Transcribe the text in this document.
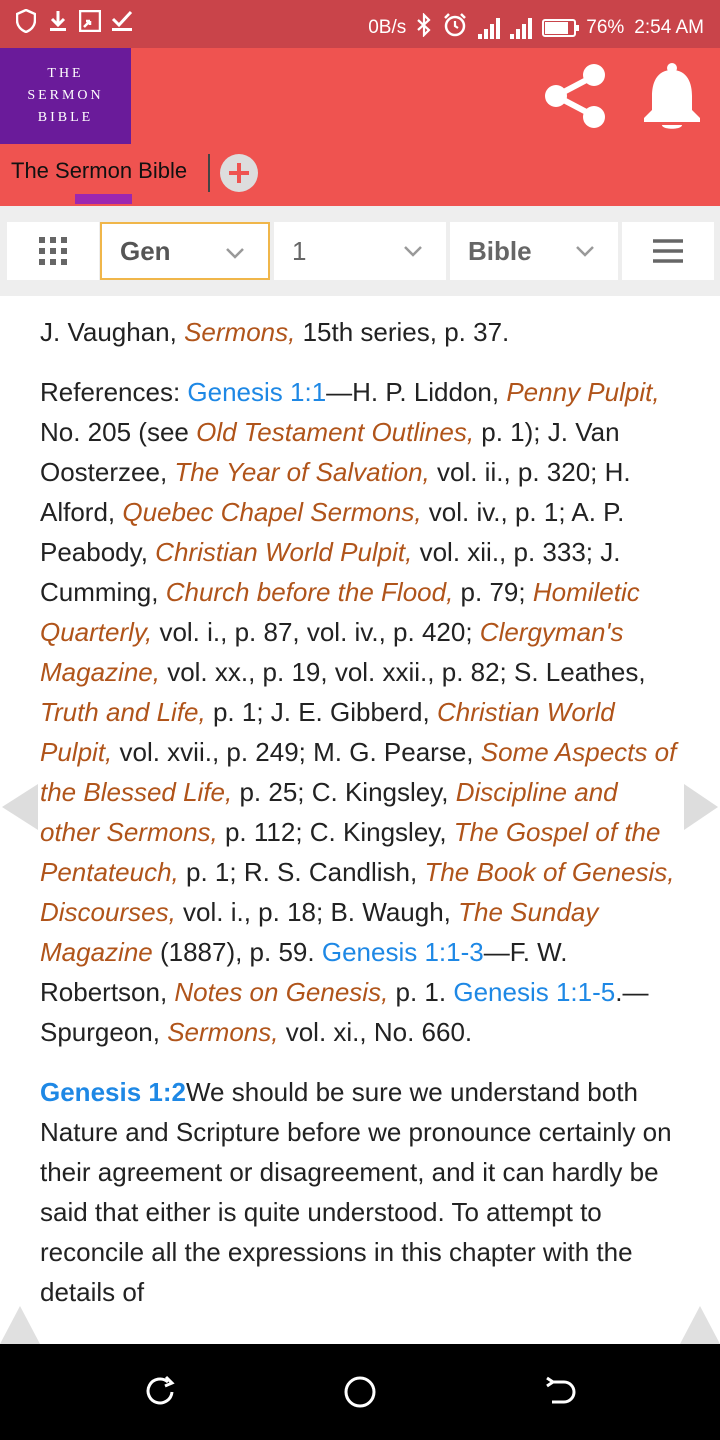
0B/s	76% 2:54 AM
THE
SERMON
BIBLE
The Sermon Bible
Gen	1	Bible

J. Vaughan, Sermons, 15th series, p. 37.

References: Genesis 1:1—H. P. Liddon, Penny Pulpit, No. 205 (see Old Testament Outlines, p. 1); J. Van Oosterzee, The Year of Salvation, vol. ii., p. 320; H. Alford, Quebec Chapel Sermons, vol. iv., p. 1; A. P. Peabody, Christian World Pulpit, vol. xii., p. 333; J. Cumming, Church before the Flood, p. 79; Homiletic Quarterly, vol. i., p. 87, vol. iv., p. 420; Clergyman's Magazine, vol. xx., p. 19, vol. xxii., p. 82; S. Leathes, Truth and Life, p. 1; J. E. Gibberd, Christian World Pulpit, vol. xvii., p. 249; M. G. Pearse, Some Aspects of the Blessed Life, p. 25; C. Kingsley, Discipline and other Sermons, p. 112; C. Kingsley, The Gospel of the Pentateuch, p. 1; R. S. Candlish, The Book of Genesis, Discourses, vol. i., p. 18; B. Waugh, The Sunday Magazine (1887), p. 59. Genesis 1:1-3—F. W. Robertson, Notes on Genesis, p. 1. Genesis 1:1-5.—Spurgeon, Sermons, vol. xi., No. 660.

Genesis 1:2We should be sure we understand both Nature and Scripture before we pronounce certainly on their agreement or disagreement, and it can hardly be said that either is quite understood. To attempt to reconcile all the expressions in this chapter with the details of
